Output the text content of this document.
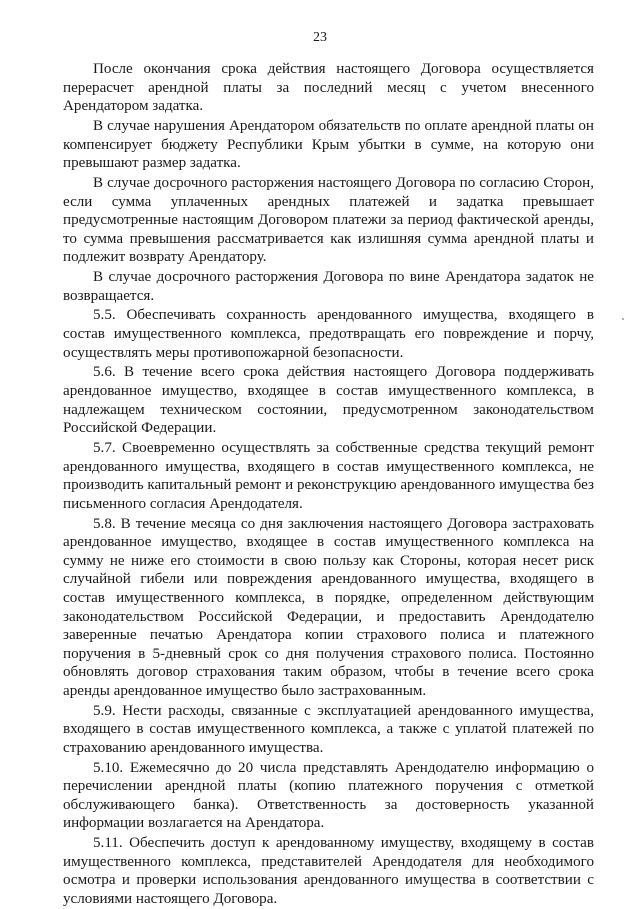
23

После окончания срока действия настоящего Договора осуществляется перерасчет арендной платы за последний месяц с учетом внесенного Арендатором задатка.

В случае нарушения Арендатором обязательств по оплате арендной платы он компенсирует бюджету Республики Крым убытки в сумме, на которую они превышают размер задатка.

В случае досрочного расторжения настоящего Договора по согласию Сторон, если сумма уплаченных арендных платежей и задатка превышает предусмотренные настоящим Договором платежи за период фактической аренды, то сумма превышения рассматривается как излишняя сумма арендной платы и подлежит возврату Арендатору.

В случае досрочного расторжения Договора по вине Арендатора задаток не возвращается.

5.5. Обеспечивать сохранность арендованного имущества, входящего в состав имущественного комплекса, предотвращать его повреждение и порчу, осуществлять меры противопожарной безопасности.

5.6. В течение всего срока действия настоящего Договора поддерживать арендованное имущество, входящее в состав имущественного комплекса, в надлежащем техническом состоянии, предусмотренном законодательством Российской Федерации.

5.7. Своевременно осуществлять за собственные средства текущий ремонт арендованного имущества, входящего в состав имущественного комплекса, не производить капитальный ремонт и реконструкцию арендованного имущества без письменного согласия Арендодателя.

5.8. В течение месяца со дня заключения настоящего Договора застраховать арендованное имущество, входящее в состав имущественного комплекса на сумму не ниже его стоимости в свою пользу как Стороны, которая несет риск случайной гибели или повреждения арендованного имущества, входящего в состав имущественного комплекса, в порядке, определенном действующим законодательством Российской Федерации, и предоставить Арендодателю заверенные печатью Арендатора копии страхового полиса и платежного поручения в 5-дневный срок со дня получения страхового полиса. Постоянно обновлять договор страхования таким образом, чтобы в течение всего срока аренды арендованное имущество было застрахованным.

5.9. Нести расходы, связанные с эксплуатацией арендованного имущества, входящего в состав имущественного комплекса, а также с уплатой платежей по страхованию арендованного имущества.

5.10. Ежемесячно до 20 числа представлять Арендодателю информацию о перечислении арендной платы (копию платежного поручения с отметкой обслуживающего банка). Ответственность за достоверность указанной информации возлагается на Арендатора.

5.11. Обеспечить доступ к арендованному имуществу, входящему в состав имущественного комплекса, представителей Арендодателя для необходимого осмотра и проверки использования арендованного имущества в соответствии с условиями настоящего Договора.
